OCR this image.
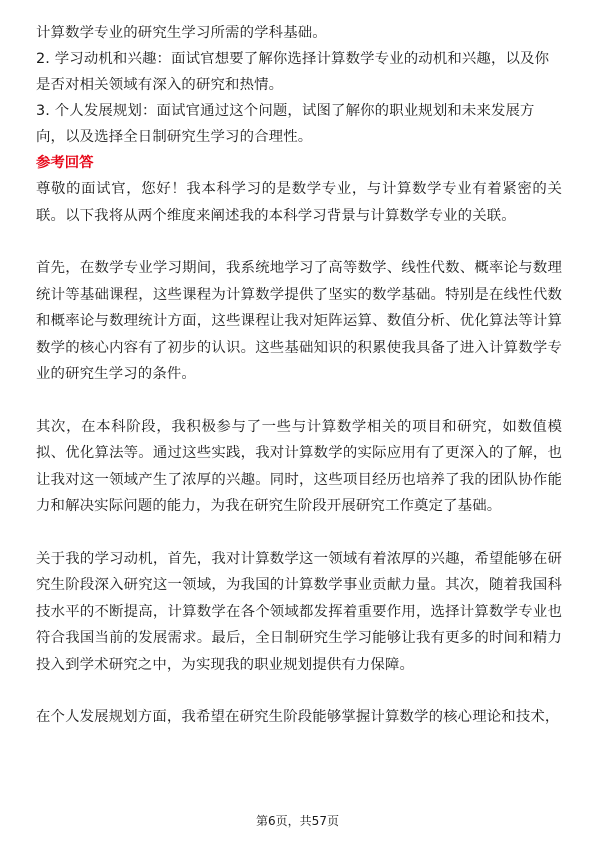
计算数学专业的研究生学习所需的学科基础。

2. 学习动机和兴趣：面试官想要了解你选择计算数学专业的动机和兴趣，以及你是否对相关领域有深入的研究和热情。

3. 个人发展规划：面试官通过这个问题，试图了解你的职业规划和未来发展方向，以及选择全日制研究生学习的合理性。

参考回答

尊敬的面试官，您好！我本科学习的是数学专业，与计算数学专业有着紧密的关联。以下我将从两个维度来阐述我的本科学习背景与计算数学专业的关联。

首先，在数学专业学习期间，我系统地学习了高等数学、线性代数、概率论与数理统计等基础课程，这些课程为计算数学提供了坚实的数学基础。特别是在线性代数和概率论与数理统计方面，这些课程让我对矩阵运算、数值分析、优化算法等计算数学的核心内容有了初步的认识。这些基础知识的积累使我具备了进入计算数学专业的研究生学习的条件。

其次，在本科阶段，我积极参与了一些与计算数学相关的项目和研究，如数值模拟、优化算法等。通过这些实践，我对计算数学的实际应用有了更深入的了解，也让我对这一领域产生了浓厚的兴趣。同时，这些项目经历也培养了我的团队协作能力和解决实际问题的能力，为我在研究生阶段开展研究工作奠定了基础。

关于我的学习动机，首先，我对计算数学这一领域有着浓厚的兴趣，希望能够在研究生阶段深入研究这一领域，为我国的计算数学事业贡献力量。其次，随着我国科技水平的不断提高，计算数学在各个领域都发挥着重要作用，选择计算数学专业也符合我国当前的发展需求。最后，全日制研究生学习能够让我有更多的时间和精力投入到学术研究之中，为实现我的职业规划提供有力保障。

在个人发展规划方面，我希望在研究生阶段能够掌握计算数学的核心理论和技术，

第6页，共57页
